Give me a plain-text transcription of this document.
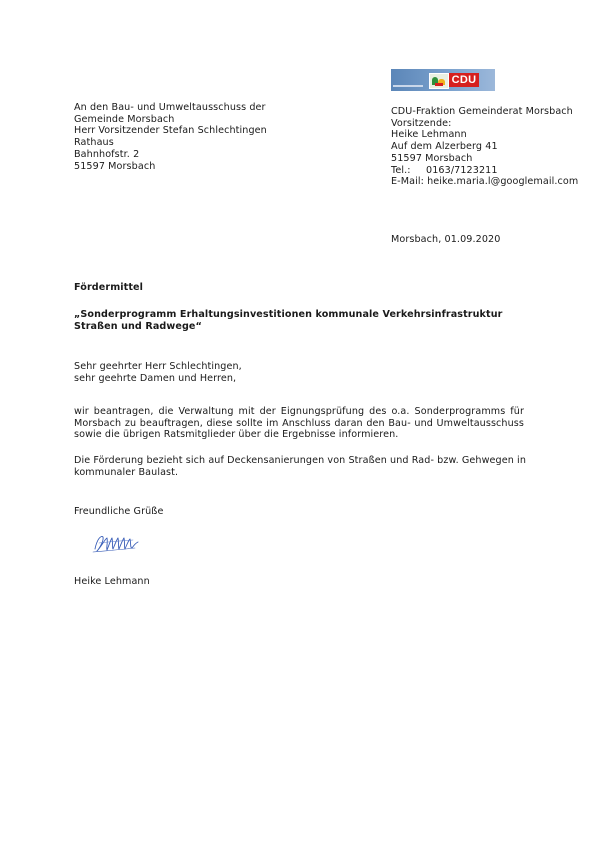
CDU
An den Bau- und Umweltausschuss der
Gemeinde Morsbach
Herr Vorsitzender Stefan Schlechtingen
Rathaus
Bahnhofstr. 2
51597 Morsbach
CDU-Fraktion Gemeinderat Morsbach
Vorsitzende:
Heike Lehmann
Auf dem Alzerberg 41
51597 Morsbach
Tel.: 0163/7123211
E-Mail: heike.maria.l@googlemail.com
Morsbach, 01.09.2020
Fördermittel
„Sonderprogramm Erhaltungsinvestitionen kommunale Verkehrsinfrastruktur Straßen und Radwege“
Sehr geehrter Herr Schlechtingen,
sehr geehrte Damen und Herren,
wir beantragen, die Verwaltung mit der Eignungsprüfung des o.a. Sonderprogramms für Morsbach zu beauftragen, diese sollte im Anschluss daran den Bau- und Umweltausschuss sowie die übrigen Ratsmitglieder über die Ergebnisse informieren.
Die Förderung bezieht sich auf Deckensanierungen von Straßen und Rad- bzw. Gehwegen in kommunaler Baulast.
Freundliche Grüße
Heike Lehmann
